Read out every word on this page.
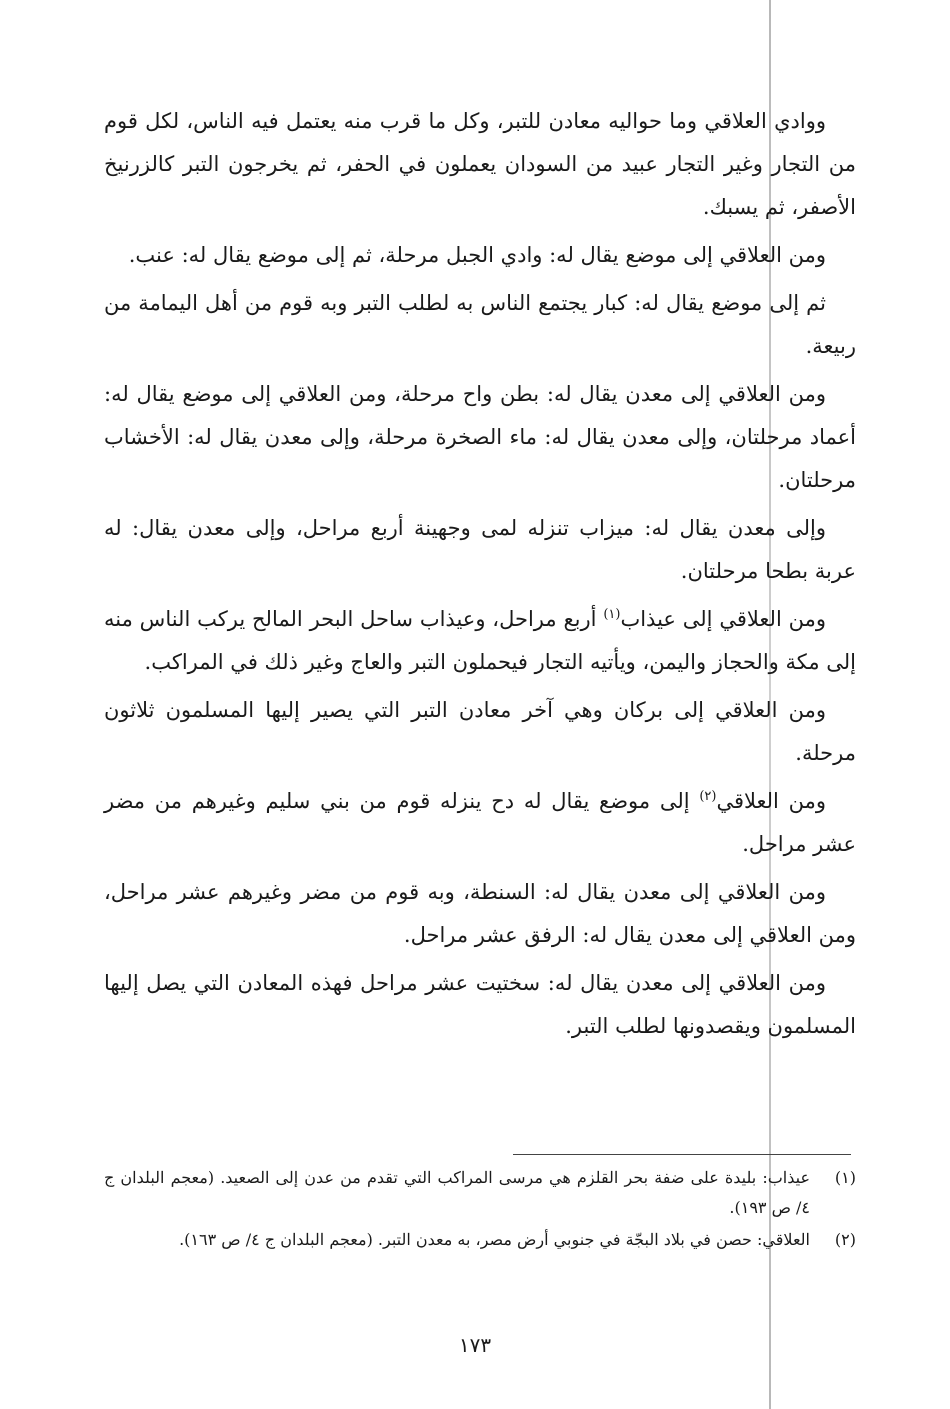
ووادي العلاقي وما حواليه معادن للتبر، وكل ما قرب منه يعتمل فيه الناس، لكل قوم من التجار وغير التجار عبيد من السودان يعملون في الحفر، ثم يخرجون التبر كالزرنيخ الأصفر، ثم يسبك.

ومن العلاقي إلى موضع يقال له: وادي الجبل مرحلة، ثم إلى موضع يقال له: عنب.

ثم إلى موضع يقال له: كبار يجتمع الناس به لطلب التبر وبه قوم من أهل اليمامة من ربيعة.

ومن العلاقي إلى معدن يقال له: بطن واح مرحلة، ومن العلاقي إلى موضع يقال له: أعماد مرحلتان، وإلى معدن يقال له: ماء الصخرة مرحلة، وإلى معدن يقال له: الأخشاب مرحلتان.

وإلى معدن يقال له: ميزاب تنزله لمى وجهينة أربع مراحل، وإلى معدن يقال: له عربة بطحا مرحلتان.

ومن العلاقي إلى عيذاب$^{(١)}$ أربع مراحل، وعيذاب ساحل البحر المالح يركب الناس منه إلى مكة والحجاز واليمن، ويأتيه التجار فيحملون التبر والعاج وغير ذلك في المراكب.

ومن العلاقي إلى بركان وهي آخر معادن التبر التي يصير إليها المسلمون ثلاثون مرحلة.

ومن العلاقي$^{(٢)}$ إلى موضع يقال له دح ينزله قوم من بني سليم وغيرهم من مضر عشر مراحل.

ومن العلاقي إلى معدن يقال له: السنطة، وبه قوم من مضر وغيرهم عشر مراحل، ومن العلاقي إلى معدن يقال له: الرفق عشر مراحل.

ومن العلاقي إلى معدن يقال له: سختيت عشر مراحل فهذه المعادن التي يصل إليها المسلمون ويقصدونها لطلب التبر.

(١)
عيذاب: بليدة على ضفة بحر القلزم هي مرسى المراكب التي تقدم من عدن إلى الصعيد. (معجم البلدان ج ٤/ ص ١٩٣).
(٢)
العلاقي: حصن في بلاد البجّة في جنوبي أرض مصر، به معدن التبر. (معجم البلدان ج ٤/ ص ١٦٣).
١٧٣
